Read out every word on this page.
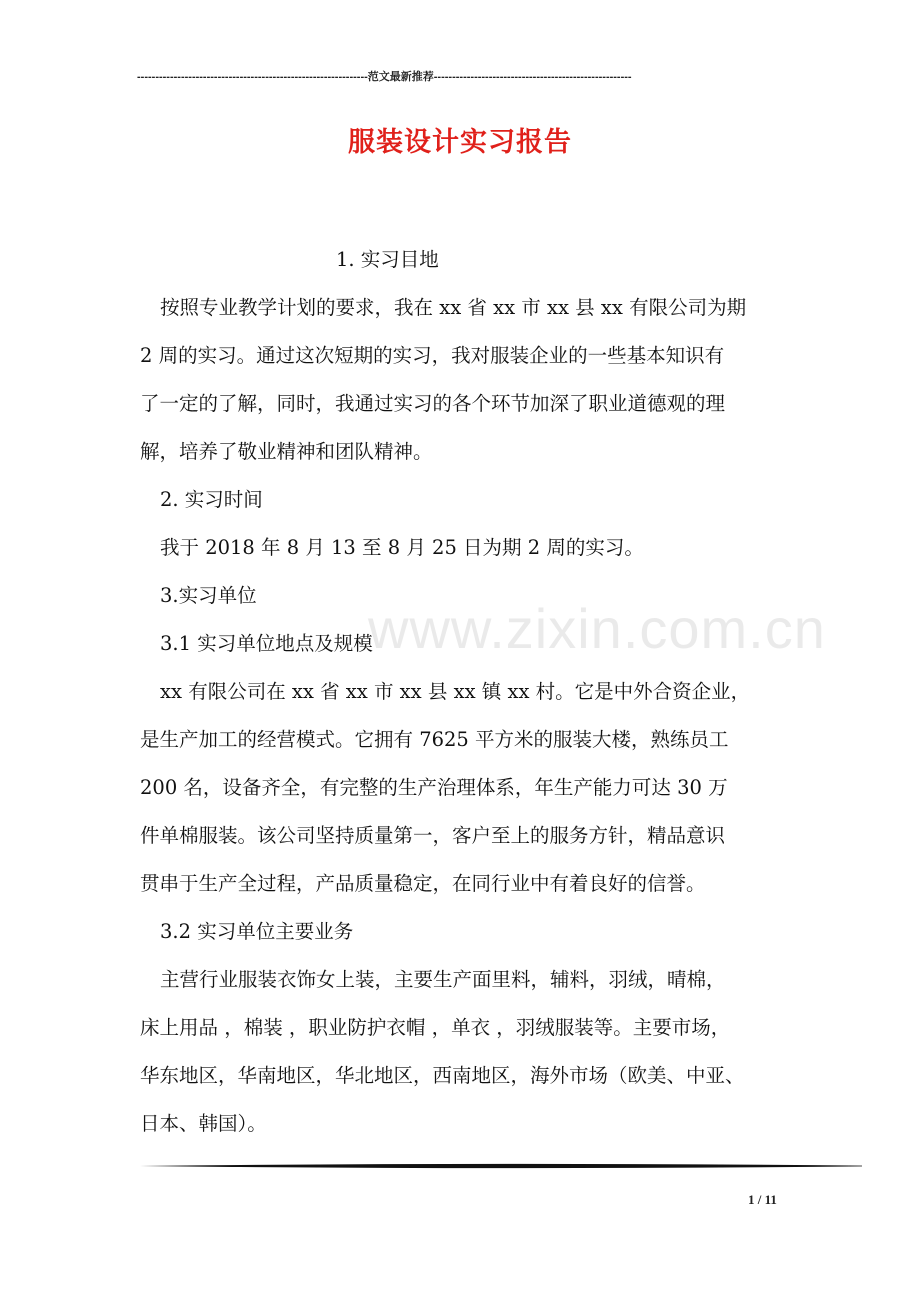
---------------------------------------------------------------范文最新推荐------------------------------------------------------
服装设计实习报告
www.zixin.com.cn
1. 实习目地
按照专业教学计划的要求，我在 xx 省 xx 市 xx 县 xx 有限公司为期
2 周的实习。通过这次短期的实习，我对服装企业的一些基本知识有
了一定的了解，同时，我通过实习的各个环节加深了职业道德观的理
解，培养了敬业精神和团队精神。
2. 实习时间
我于 2018 年 8 月 13 至 8 月 25 日为期 2 周的实习。
3.实习单位
3.1 实习单位地点及规模
xx 有限公司在 xx 省 xx 市 xx 县 xx 镇 xx 村。它是中外合资企业，
是生产加工的经营模式。它拥有 7625 平方米的服装大楼，熟练员工
200 名，设备齐全，有完整的生产治理体系，年生产能力可达 30 万
件单棉服装。该公司坚持质量第一，客户至上的服务方针，精品意识
贯串于生产全过程，产品质量稳定，在同行业中有着良好的信誉。
3.2 实习单位主要业务
主营行业服装衣饰女上装，主要生产面里料，辅料，羽绒，晴棉，
床上用品 ，棉装 ，职业防护衣帽 ，单衣 ，羽绒服装等。主要市场，
华东地区，华南地区，华北地区，西南地区，海外市场（欧美、中亚、
日本、韩国）。
1 / 11
